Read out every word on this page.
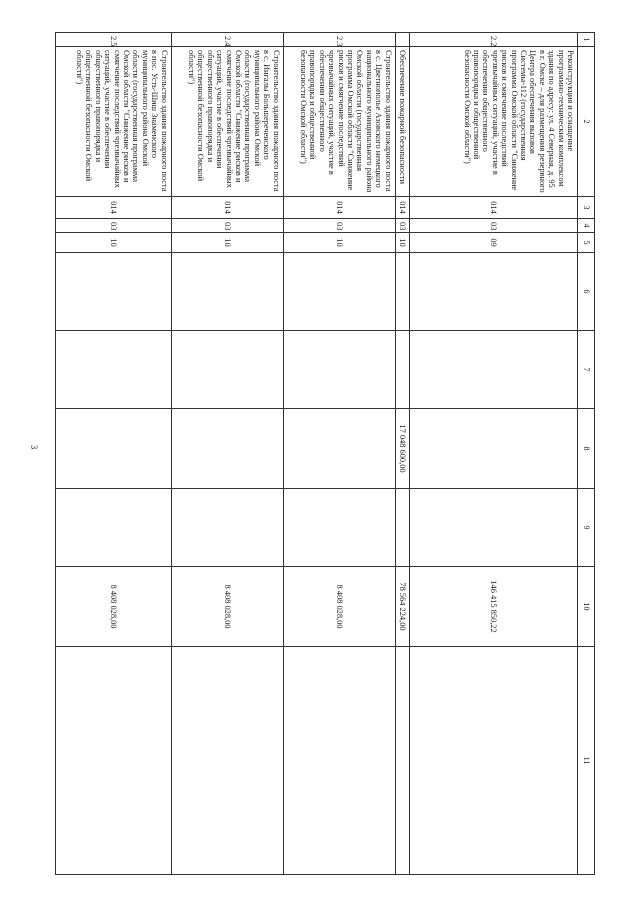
3
1	2	3	4	5	6	7	8	9	10	11
2.2	Реконструкция и оснащение программно-техническим комплексом здания по адресу: ул. 4 Северная, д. 95 в г. Омске – для размещения резервного Центра обеспечения вызовов Системы-112 (государственная программа Омской области "Снижение рисков и смягчение последствий чрезвычайных ситуаций, участие в обеспечении общественного правопорядка и общественной безопасности Омской области")	014	03	09					146 415 850,22	
	Обеспечение пожарной безопасности	014	03	10			17 048 600,00		78 564 224,00	
2.3	Строительство здания пожарного поста в с. Цветнополье Азовского немецкого национального муниципального района Омской области (государственная программа Омской области "Снижение рисков и смягчение последствий чрезвычайных ситуаций, участие в обеспечении общественного правопорядка и общественной безопасности Омской области")	014	03	10					8 408 028,00	
2.4	Строительство здания пожарного поста в с. Ингалы Большереченского муниципального района Омской области (государственная программа Омской области "Снижение рисков и смягчение последствий чрезвычайных ситуаций, участие в обеспечении общественного правопорядка и общественной безопасности Омской области")	014	03	10					8 408 028,00	
2.5	Строительство здания пожарного поста в пос. Усть-Шиш Знаменского муниципального района Омской области (государственная программа Омской области "Снижение рисков и смягчение последствий чрезвычайных ситуаций, участие в обеспечении общественного правопорядка и общественной безопасности Омской области")	014	03	10					8 408 028,00	
